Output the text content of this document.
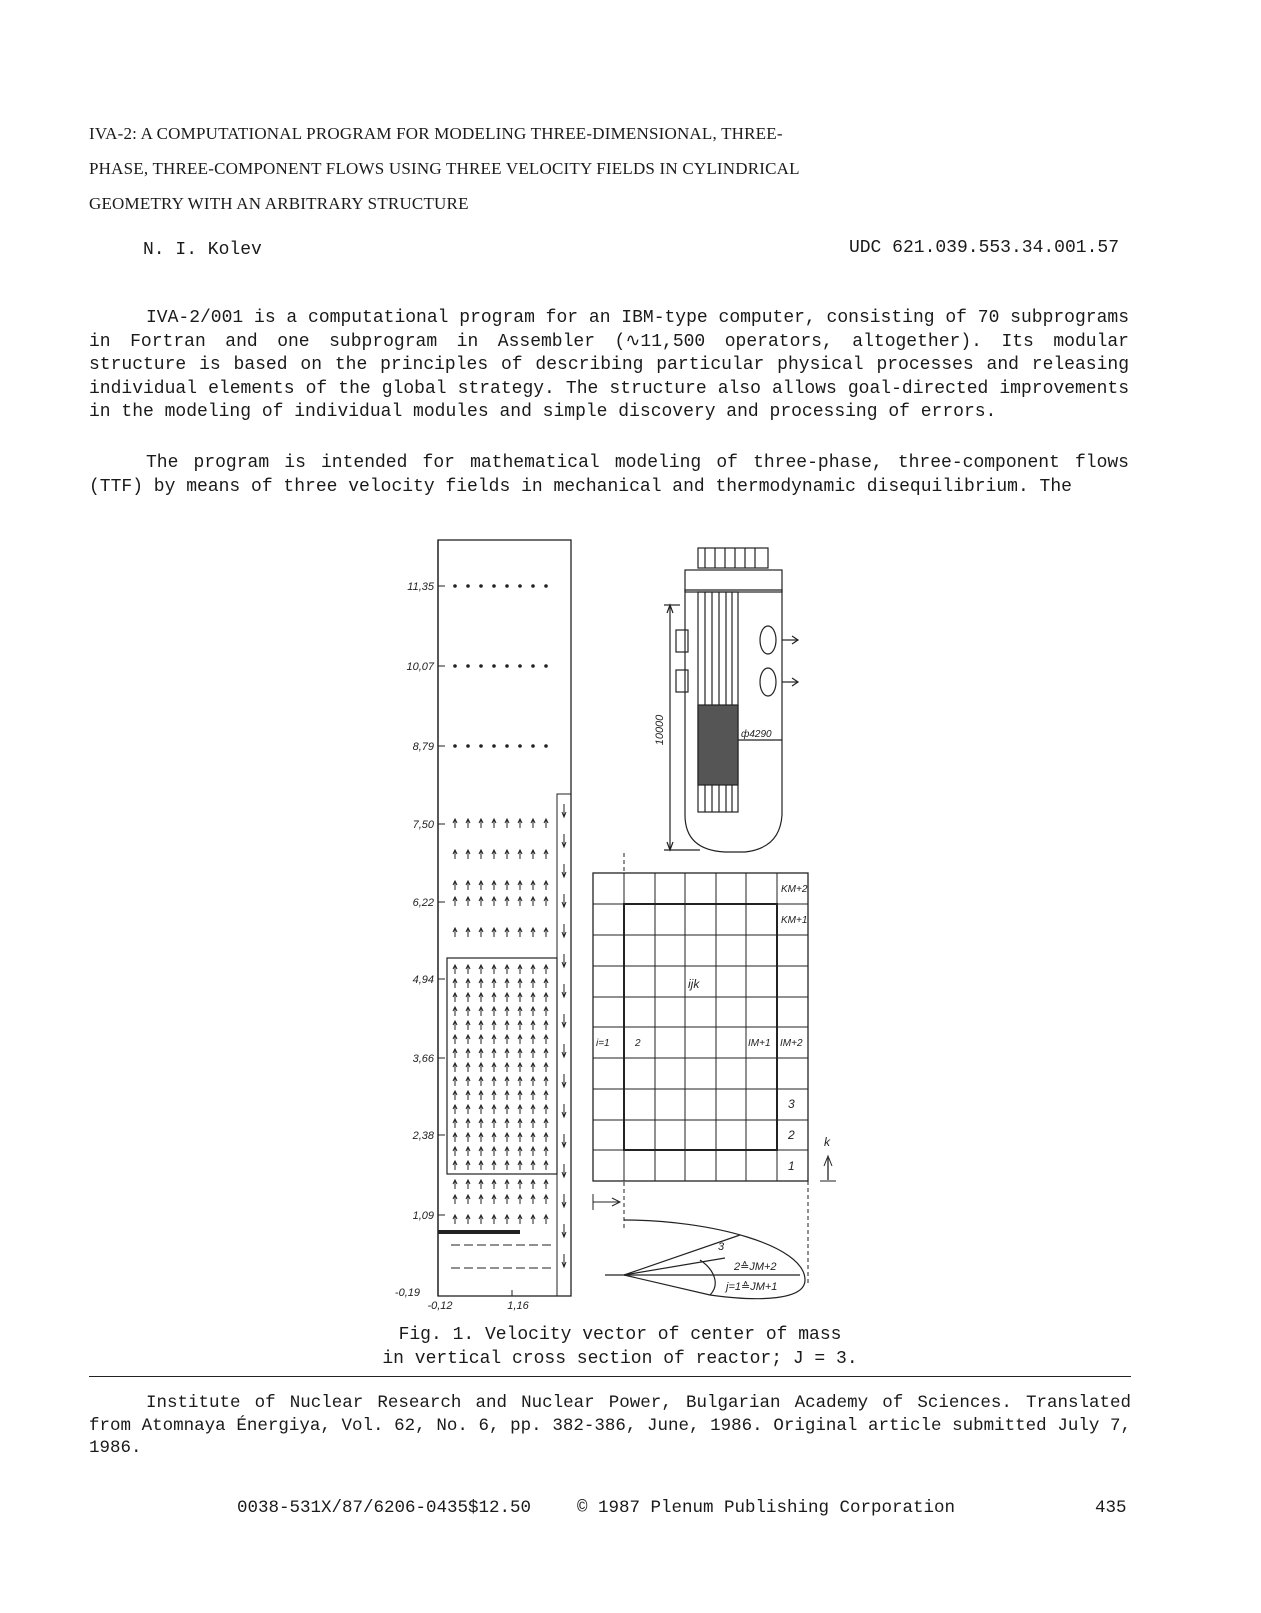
IVA-2: A COMPUTATIONAL PROGRAM FOR MODELING THREE-DIMENSIONAL, THREE-
PHASE, THREE-COMPONENT FLOWS USING THREE VELOCITY FIELDS IN CYLINDRICAL
GEOMETRY WITH AN ARBITRARY STRUCTURE
N. I. Kolev	UDC 621.039.553.34.001.57
IVA-2/001 is a computational program for an IBM-type computer, consisting of 70 subprograms in Fortran and one subprogram in Assembler (∿11,500 operators, altogether). Its modular structure is based on the principles of describing particular physical processes and releasing individual elements of the global strategy. The structure also allows goal-directed improvements in the modeling of individual modules and simple discovery and processing of errors.
The program is intended for mathematical modeling of three-phase, three-component flows (TTF) by means of three velocity fields in mechanical and thermodynamic disequilibrium. The
11,35
10,07
8,79
7,50
6,22
4,94
3,66
2,38
1,09
-0,19
-0,12	1,16
10000	ф4290
KM+2
KM+1
ijk
i=1	2	IM+1 IM+2
3
2
1
k
3
2≙JM+2
j=1≙JM+1
Fig. 1. Velocity vector of center of mass
in vertical cross section of reactor; J = 3.
Institute of Nuclear Research and Nuclear Power, Bulgarian Academy of Sciences. Translated from Atomnaya Énergiya, Vol. 62, No. 6, pp. 382-386, June, 1986. Original article submitted July 7, 1986.
0038-531X/87/6206-0435$12.50	© 1987 Plenum Publishing Corporation	435
